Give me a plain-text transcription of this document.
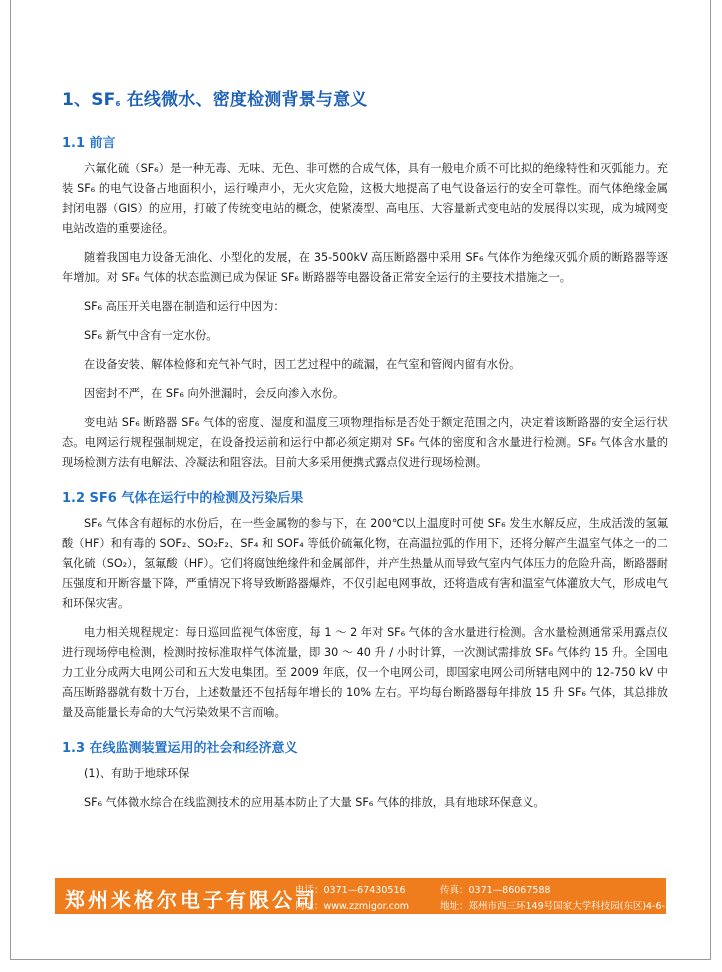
1、$SF_6$ 在线微水、密度检测背景与意义
1.1 前言

六氟化硫（SF₆）是一种无毒、无味、无色、非可燃的合成气体，具有一般电介质不可比拟的绝缘特性和灭弧能力。充装 SF₆ 的电气设备占地面积小，运行噪声小，无火灾危险，这极大地提高了电气设备运行的安全可靠性。而气体绝缘金属封闭电器（GIS）的应用，打破了传统变电站的概念，使紧凑型、高电压、大容量新式变电站的发展得以实现，成为城网变电站改造的重要途径。

随着我国电力设备无油化、小型化的发展，在 35-500kV 高压断路器中采用 SF₆ 气体作为绝缘灭弧介质的断路器等逐年增加。对 SF₆ 气体的状态监测已成为保证 SF₆ 断路器等电器设备正常安全运行的主要技术措施之一。

SF₆ 高压开关电器在制造和运行中因为：

SF₆ 新气中含有一定水份。

在设备安装、解体检修和充气补气时，因工艺过程中的疏漏，在气室和管阀内留有水份。

因密封不严，在 SF₆ 向外泄漏时，会反向渗入水份。

变电站 SF₆ 断路器 SF₆ 气体的密度、湿度和温度三项物理指标是否处于额定范围之内，决定着该断路器的安全运行状态。电网运行规程强制规定，在设备投运前和运行中都必须定期对 SF₆ 气体的密度和含水量进行检测。SF₆ 气体含水量的现场检测方法有电解法、冷凝法和阻容法。目前大多采用便携式露点仪进行现场检测。

1.2 SF6 气体在运行中的检测及污染后果

SF₆ 气体含有超标的水份后，在一些金属物的参与下，在 200℃以上温度时可使 SF₆ 发生水解反应，生成活泼的氢氟酸（HF）和有毒的 SOF₂、SO₂F₂、SF₄ 和 SOF₄ 等低价硫氟化物，在高温拉弧的作用下，还将分解产生温室气体之一的二氧化硫（SO₂），氢氟酸（HF）。它们将腐蚀绝缘件和金属部件，并产生热量从而导致气室内气体压力的危险升高，断路器耐压强度和开断容量下降，严重情况下将导致断路器爆炸，不仅引起电网事故，还将造成有害和温室气体灌放大气，形成电气和环保灾害。

电力相关规程规定：每日巡回监视气体密度，每 1 ～ 2 年对 SF₆ 气体的含水量进行检测。含水量检测通常采用露点仪进行现场停电检测，检测时按标准取样气体流量，即 30 ～ 40 升 / 小时计算，一次测试需排放 SF₆ 气体约 15 升。全国电力工业分成两大电网公司和五大发电集团。至 2009 年底，仅一个电网公司，即国家电网公司所辖电网中的 12-750 kV 中高压断路器就有数十万台，上述数量还不包括每年增长的 10% 左右。平均每台断路器每年排放 15 升 SF₆ 气体，其总排放量及高能量长寿命的大气污染效果不言而喻。

1.3 在线监测装置运用的社会和经济意义

(1)、有助于地球环保

SF₆ 气体微水综合在线监测技术的应用基本防止了大量 SF₆ 气体的排放，具有地球环保意义。

郑州米格尔电子有限公司
电话：0371—67430516	传真：0371—86067588
网址：www.zzmigor.com	地址：郑州市西三环149号国家大学科技园(东区)4-6-3
